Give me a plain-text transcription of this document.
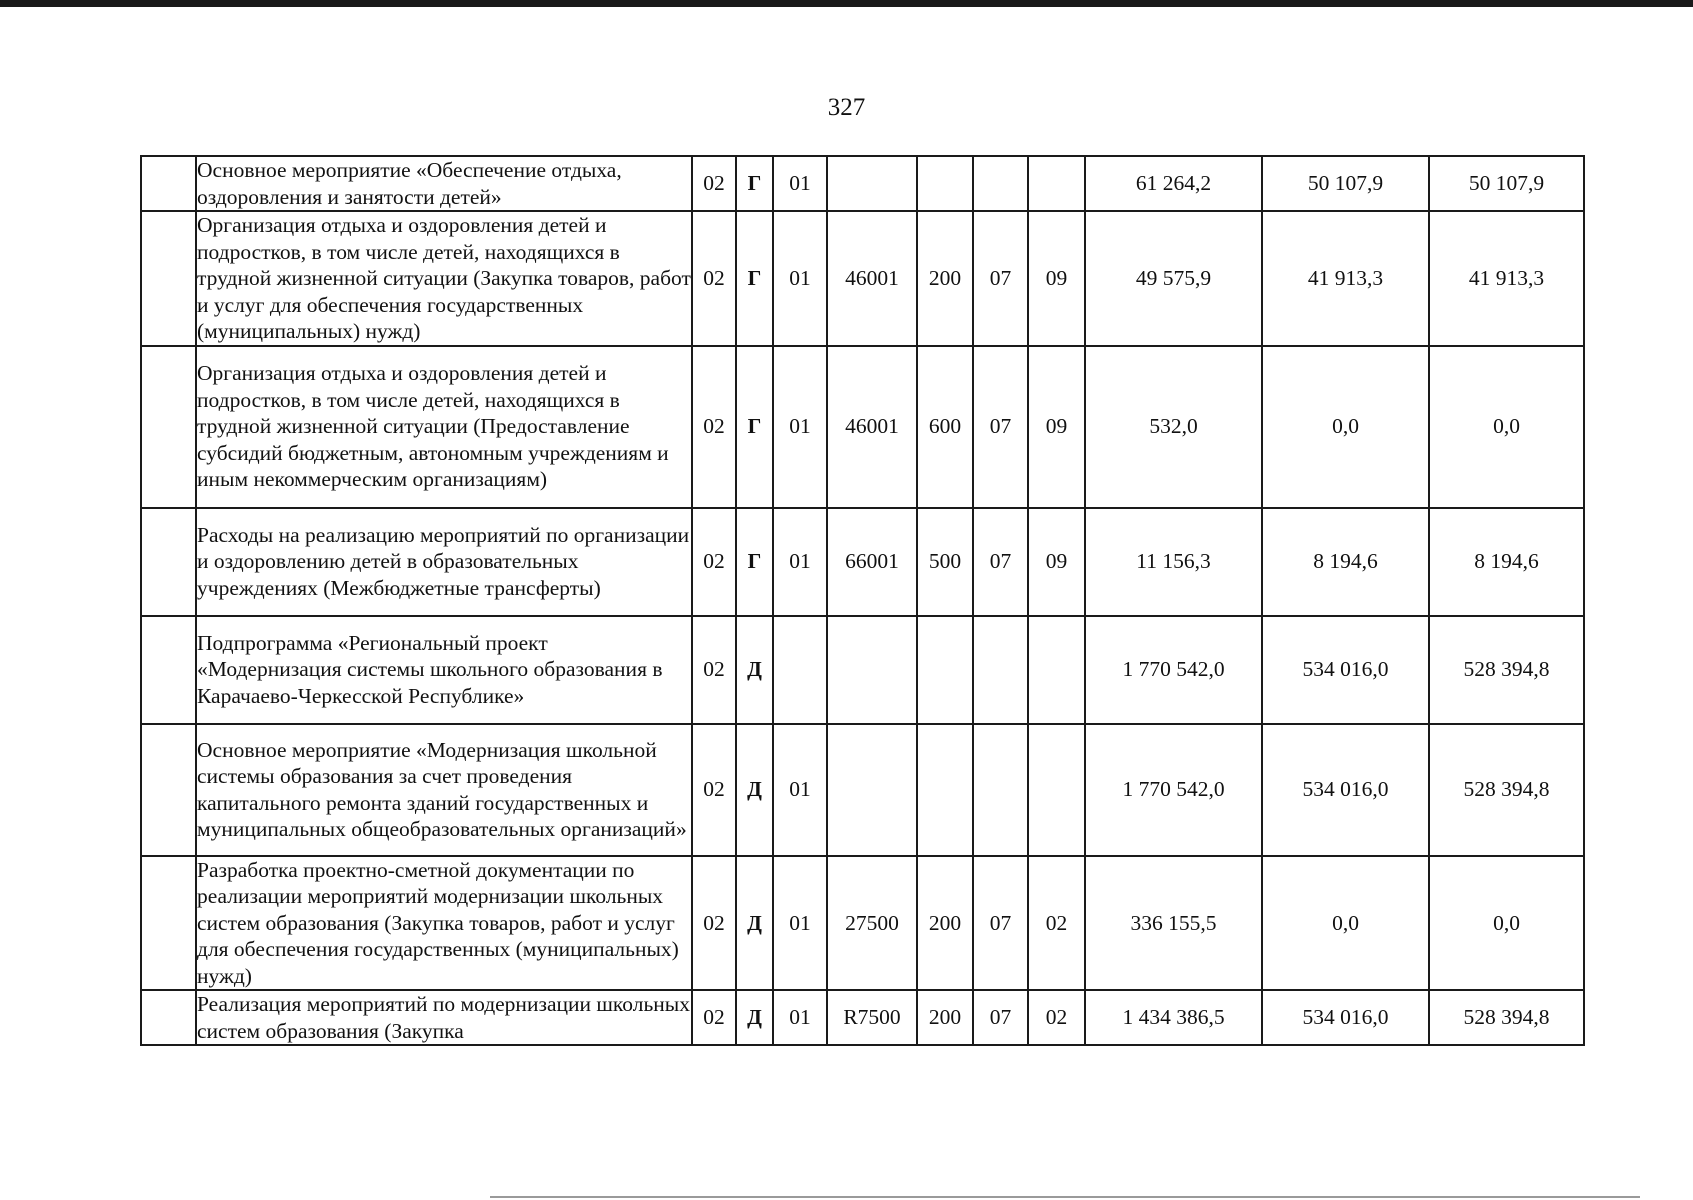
327
	Основное мероприятие «Обеспечение отдыха, оздоровления и занятости детей»	02	Г	01					61 264,2	50 107,9	50 107,9
	Организация отдыха и оздоровления детей и подростков, в том числе детей, находящихся в трудной жизненной ситуации (Закупка товаров, работ и услуг для обеспечения государственных (муниципальных) нужд)	02	Г	01	46001	200	07	09	49 575,9	41 913,3	41 913,3
	Организация отдыха и оздоровления детей и подростков, в том числе детей, находящихся в трудной жизненной ситуации (Предоставление субсидий бюджетным, автономным учреждениям и иным некоммерческим организациям)	02	Г	01	46001	600	07	09	532,0	0,0	0,0
	Расходы на реализацию мероприятий по организации и оздоровлению детей в образовательных учреждениях (Межбюджетные трансферты)	02	Г	01	66001	500	07	09	11 156,3	8 194,6	8 194,6
	Подпрограмма «Региональный проект «Модернизация системы школьного образования в Карачаево-Черкесской Республике»	02	Д						1 770 542,0	534 016,0	528 394,8
	Основное мероприятие «Модернизация школьной системы образования за счет проведения капитального ремонта зданий государственных и муниципальных общеобразовательных организаций»	02	Д	01					1 770 542,0	534 016,0	528 394,8
	Разработка проектно-сметной документации по реализации мероприятий модернизации школьных систем образования (Закупка товаров, работ и услуг для обеспечения государственных (муниципальных) нужд)	02	Д	01	27500	200	07	02	336 155,5	0,0	0,0
	Реализация мероприятий по модернизации школьных систем образования (Закупка	02	Д	01	R7500	200	07	02	1 434 386,5	534 016,0	528 394,8
